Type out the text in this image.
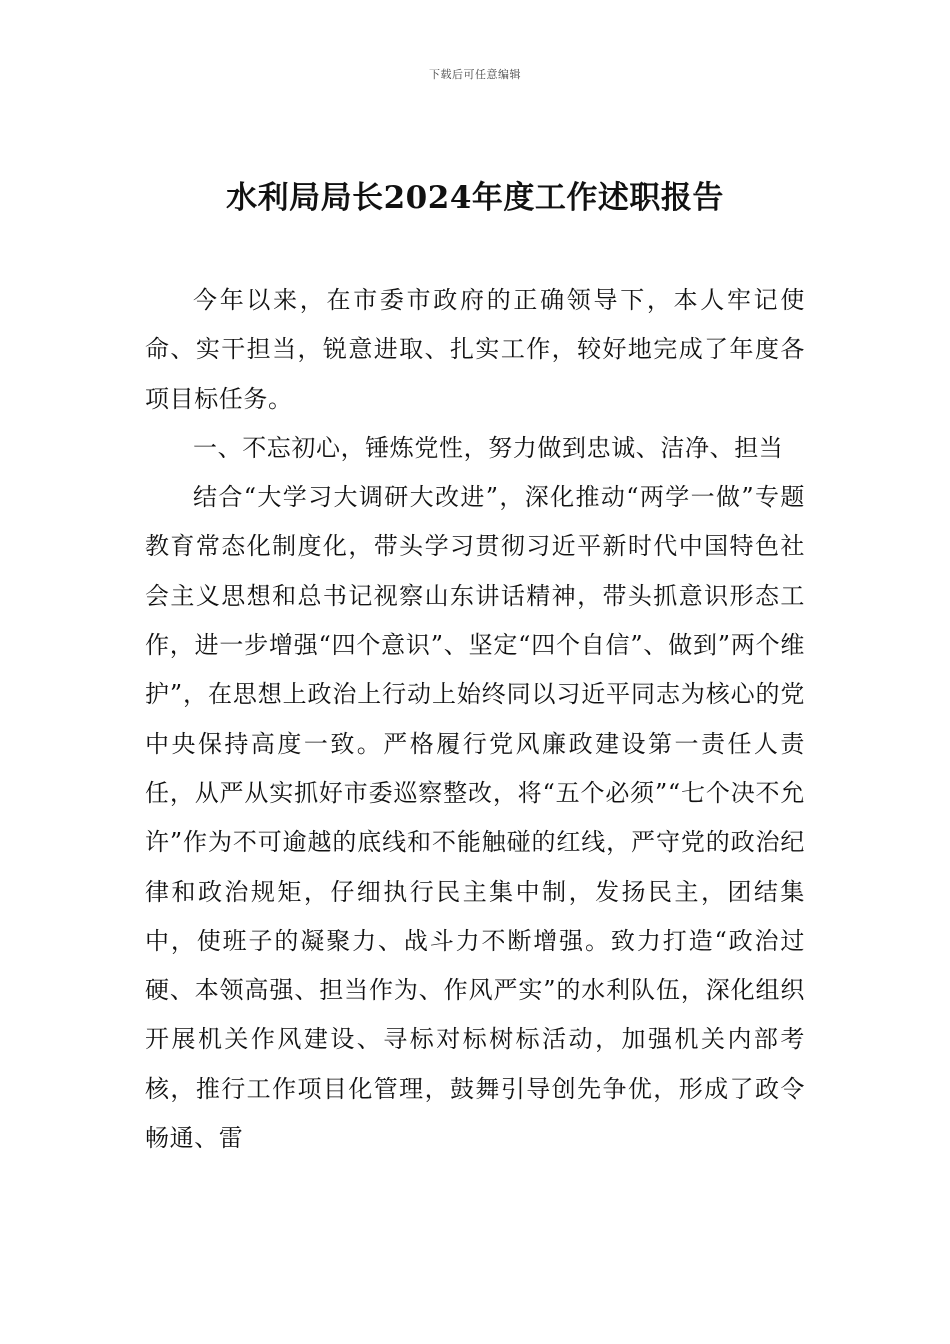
下载后可任意编辑
水利局局长2024年度工作述职报告

今年以来，在市委市政府的正确领导下，本人牢记使命、实干担当，锐意进取、扎实工作，较好地完成了年度各项目标任务。

一、不忘初心，锤炼党性，努力做到忠诚、洁净、担当

结合“大学习大调研大改进”，深化推动“两学一做”专题教育常态化制度化，带头学习贯彻习近平新时代中国特色社会主义思想和总书记视察山东讲话精神，带头抓意识形态工作，进一步增强“四个意识”、坚定“四个自信”、做到”两个维护”，在思想上政治上行动上始终同以习近平同志为核心的党中央保持高度一致。严格履行党风廉政建设第一责任人责任，从严从实抓好市委巡察整改，将“五个必须”“七个决不允许”作为不可逾越的底线和不能触碰的红线，严守党的政治纪律和政治规矩，仔细执行民主集中制，发扬民主，团结集中，使班子的凝聚力、战斗力不断增强。致力打造“政治过硬、本领高强、担当作为、作风严实”的水利队伍，深化组织开展机关作风建设、寻标对标树标活动，加强机关内部考核，推行工作项目化管理，鼓舞引导创先争优，形成了政令畅通、雷
